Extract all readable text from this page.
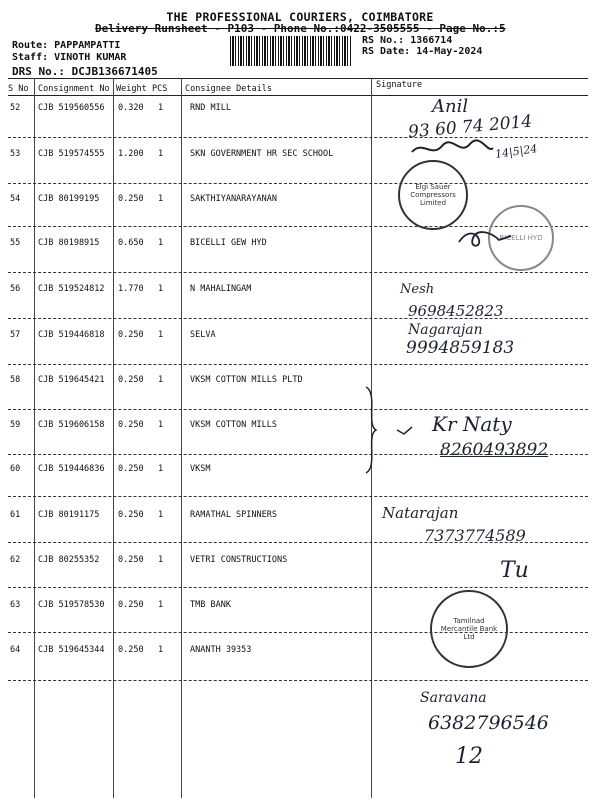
THE PROFESSIONAL COURIERS, COIMBATORE
Delivery Runsheet - P103 - Phone No.:0422-3505555 - Page No.:5
Route: PAPPAMPATTI
Staff: VINOTH KUMAR
DRS No.: DCJB136671405
RS No.: 1366714
RS Date: 14-May-2024
S No Consignment No Weight PCS Consignee Details	Signature
52 CJB 519560556 0.320 1	RND MILL
53 CJB 519574555 1.200 1	SKN GOVERNMENT HR SEC SCHOOL
54 CJB 80199195 0.250 1	SAKTHIYANARAYANAN
55 CJB 80198915 0.650 1	BICELLI GEW HYD
56 CJB 519524812 1.770 1	N MAHALINGAM
57 CJB 519446818 0.250 1	SELVA
58 CJB 519645421 0.250 1	VKSM COTTON MILLS PLTD
59 CJB 519606158 0.250 1	VKSM COTTON MILLS
60 CJB 519446836 0.250 1	VKSM
61 CJB 80191175 0.250 1	RAMATHAL SPINNERS
62 CJB 80255352 0.250 1	VETRI CONSTRUCTIONS
63 CJB 519578530 0.250 1	TMB BANK
64 CJB 519645344 0.250 1	ANANTH 39353
Anil
93 60 74 2014
14|5|24
Elgi Sauer Compressors Limited
BICELLI HYD
Nesh
9698452823
Nagarajan
9994859183
Kr Naty
8260493892
Natarajan
7373774589
Tu
Tamilnad Mercantile Bank Ltd
Saravana
6382796546
12
